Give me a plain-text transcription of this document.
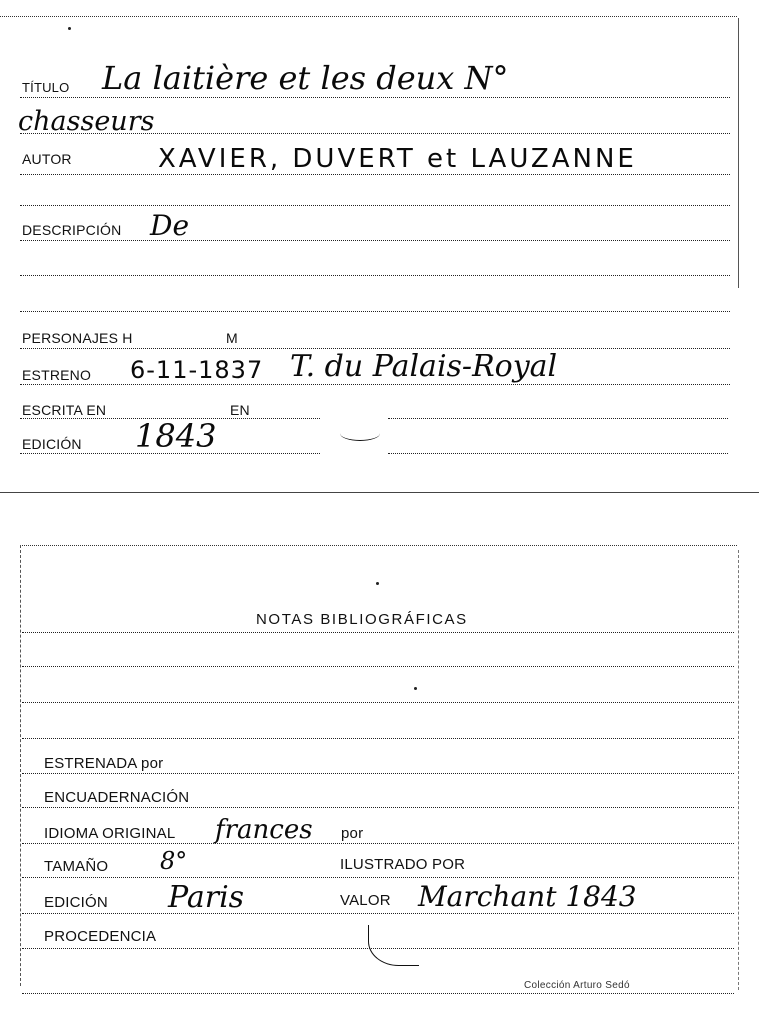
TÍTULO La laitière et les deux N°
chasseurs
AUTOR	XAVIER, DUVERT et LAUZANNE
DESCRIPCIÓN De
PERSONAJES H	M
ESTRENO 6-11-1837 T. du Palais-Royal
ESCRITA EN	EN
EDICIÓN 1843
NOTAS BIBLIOGRÁFICAS
ESTRENADA por
ENCUADERNACIÓN
IDIOMA ORIGINAL frances por
TAMAÑO 8°	ILUSTRADO POR
EDICIÓN Paris	VALOR Marchant 1843
PROCEDENCIA
Colección Arturo Sedó
